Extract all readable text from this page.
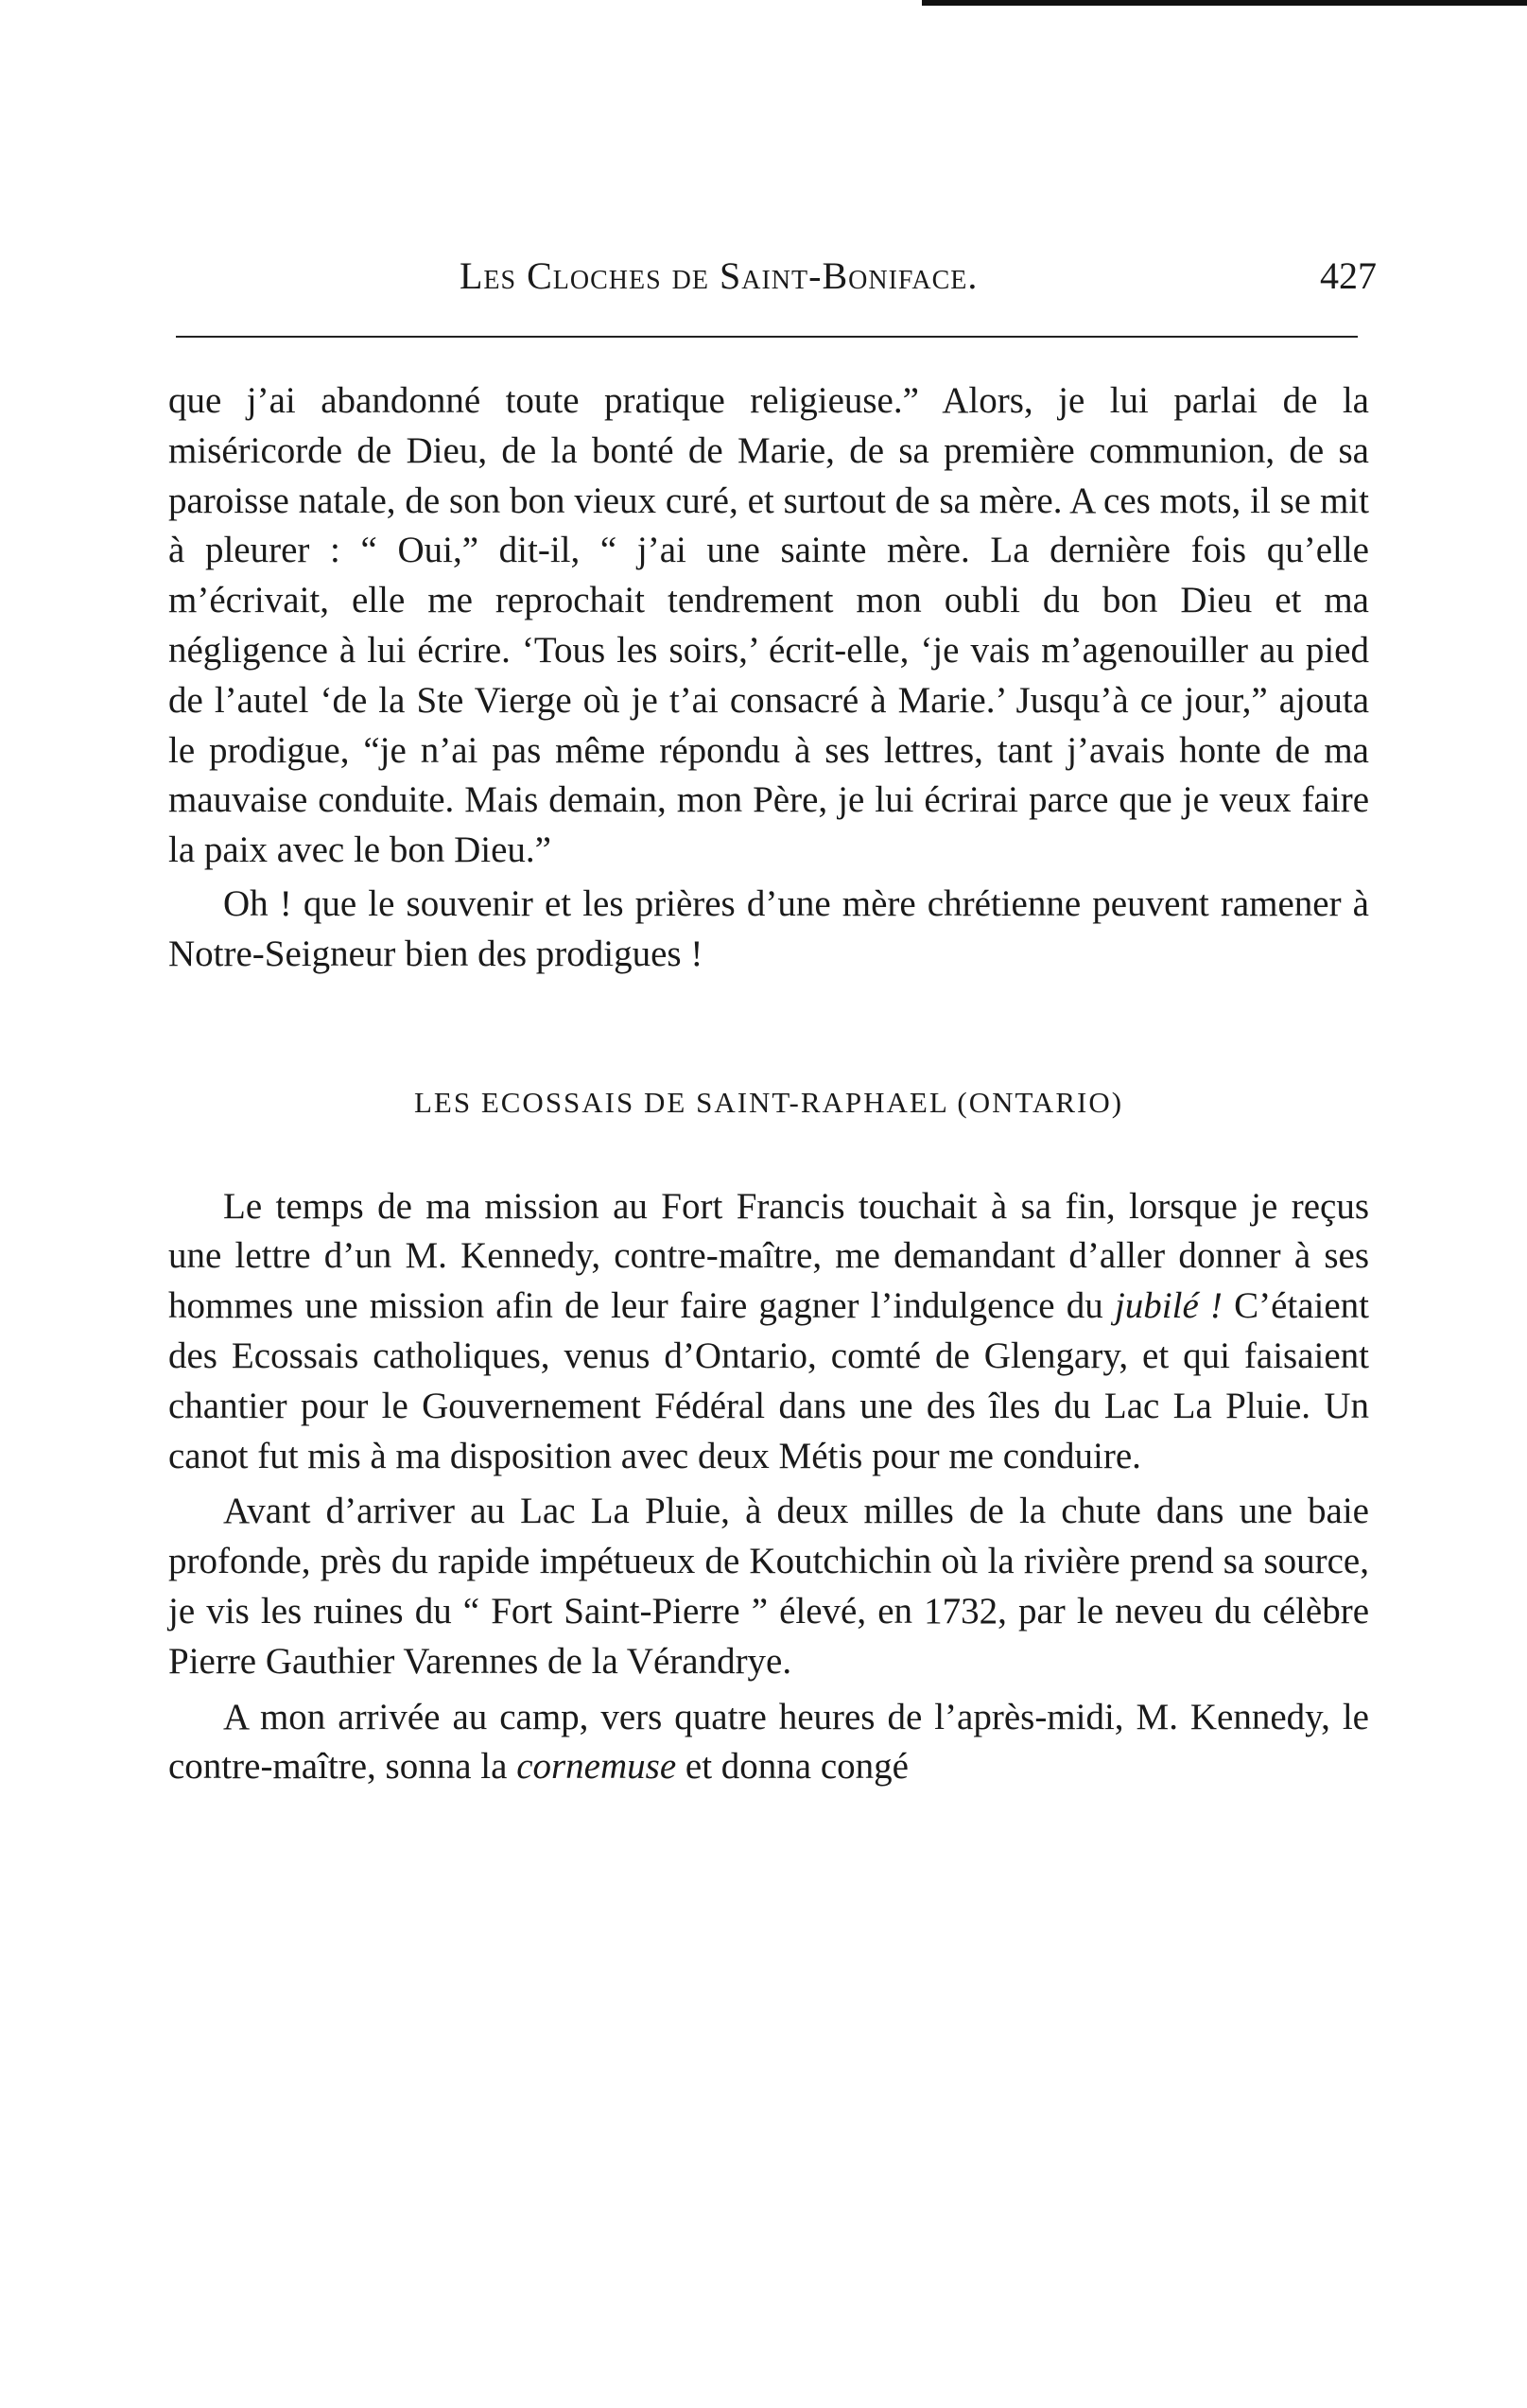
Les Cloches de Saint-Boniface.	427

que j’ai abandonné toute pratique religieuse.” Alors, je lui parlai de la miséricorde de Dieu, de la bonté de Marie, de sa première communion, de sa paroisse natale, de son bon vieux curé, et surtout de sa mère. A ces mots, il se mit à pleurer : “ Oui,” dit-il, “ j’ai une sainte mère. La dernière fois qu’elle m’écrivait, elle me reprochait tendrement mon oubli du bon Dieu et ma négligence à lui écrire. ‘Tous les soirs,’ écrit-elle, ‘je vais m’agenouiller au pied de l’autel ‘de la Ste Vierge où je t’ai consacré à Marie.’ Jusqu’à ce jour,” ajouta le prodigue, “je n’ai pas même répondu à ses lettres, tant j’avais honte de ma mauvaise conduite. Mais demain, mon Père, je lui écrirai parce que je veux faire la paix avec le bon Dieu.”

Oh ! que le souvenir et les prières d’une mère chrétienne peuvent ramener à Notre-Seigneur bien des prodigues !

LES ECOSSAIS DE SAINT-RAPHAEL (ONTARIO)

Le temps de ma mission au Fort Francis touchait à sa fin, lorsque je reçus une lettre d’un M. Kennedy, contre-maître, me demandant d’aller donner à ses hommes une mission afin de leur faire gagner l’indulgence du jubilé ! C’étaient des Ecossais catholiques, venus d’Ontario, comté de Glengary, et qui faisaient chantier pour le Gouvernement Fédéral dans une des îles du Lac La Pluie. Un canot fut mis à ma disposition avec deux Métis pour me conduire.

Avant d’arriver au Lac La Pluie, à deux milles de la chute dans une baie profonde, près du rapide impétueux de Koutchichin où la rivière prend sa source, je vis les ruines du “ Fort Saint-Pierre ” élevé, en 1732, par le neveu du célèbre Pierre Gauthier Varennes de la Vérandrye.

A mon arrivée au camp, vers quatre heures de l’après-midi, M. Kennedy, le contre-maître, sonna la cornemuse et donna congé
